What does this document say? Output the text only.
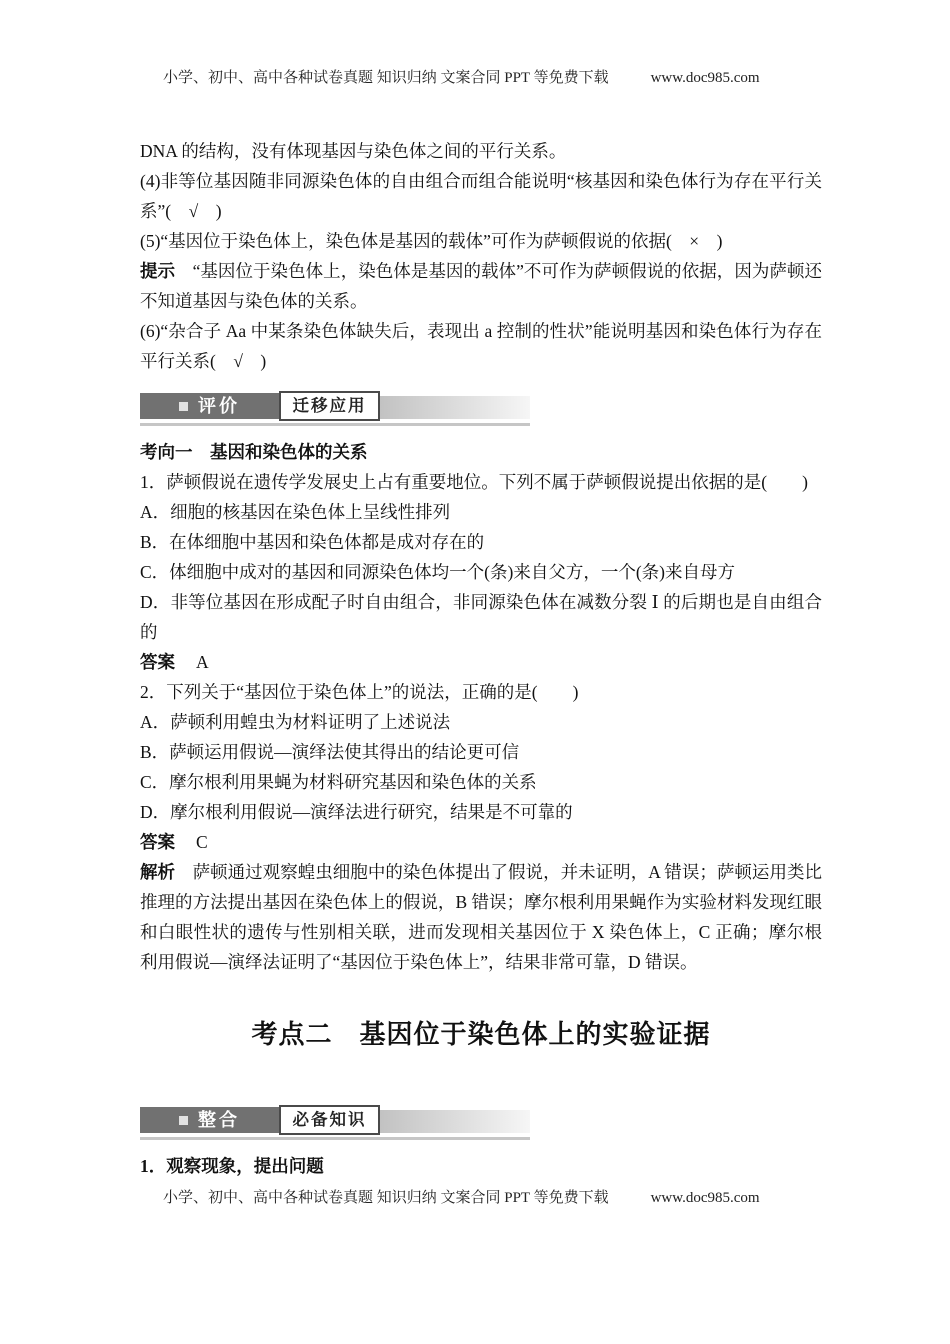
小学、初中、高中各种试卷真题 知识归纳 文案合同 PPT 等免费下载	www.doc985.com

DNA 的结构，没有体现基因与染色体之间的平行关系。

(4)非等位基因随非同源染色体的自由组合而组合能说明“核基因和染色体行为存在平行关系”(　√　)

(5)“基因位于染色体上，染色体是基因的载体”可作为萨顿假说的依据(　×　)

提示 “基因位于染色体上，染色体是基因的载体”不可作为萨顿假说的依据，因为萨顿还不知道基因与染色体的关系。

(6)“杂合子 Aa 中某条染色体缺失后，表现出 a 控制的性状”能说明基因和染色体行为存在平行关系(　√　)

评价	迁移应用

考向一　基因和染色体的关系

1．萨顿假说在遗传学发展史上占有重要地位。下列不属于萨顿假说提出依据的是(　　)

A．细胞的核基因在染色体上呈线性排列

B．在体细胞中基因和染色体都是成对存在的

C．体细胞中成对的基因和同源染色体均一个(条)来自父方，一个(条)来自母方

D．非等位基因在形成配子时自由组合，非同源染色体在减数分裂 Ⅰ 的后期也是自由组合的

答案 A

2．下列关于“基因位于染色体上”的说法，正确的是(　　)

A．萨顿利用蝗虫为材料证明了上述说法

B．萨顿运用假说—演绎法使其得出的结论更可信

C．摩尔根利用果蝇为材料研究基因和染色体的关系

D．摩尔根利用假说—演绎法进行研究，结果是不可靠的

答案 C

解析 萨顿通过观察蝗虫细胞中的染色体提出了假说，并未证明，A 错误；萨顿运用类比推理的方法提出基因在染色体上的假说，B 错误；摩尔根利用果蝇作为实验材料发现红眼和白眼性状的遗传与性别相关联，进而发现相关基因位于 X 染色体上，C 正确；摩尔根利用假说—演绎法证明了“基因位于染色体上”，结果非常可靠，D 错误。

考点二　基因位于染色体上的实验证据
整合	必备知识

1．观察现象，提出问题

小学、初中、高中各种试卷真题 知识归纳 文案合同 PPT 等免费下载	www.doc985.com
